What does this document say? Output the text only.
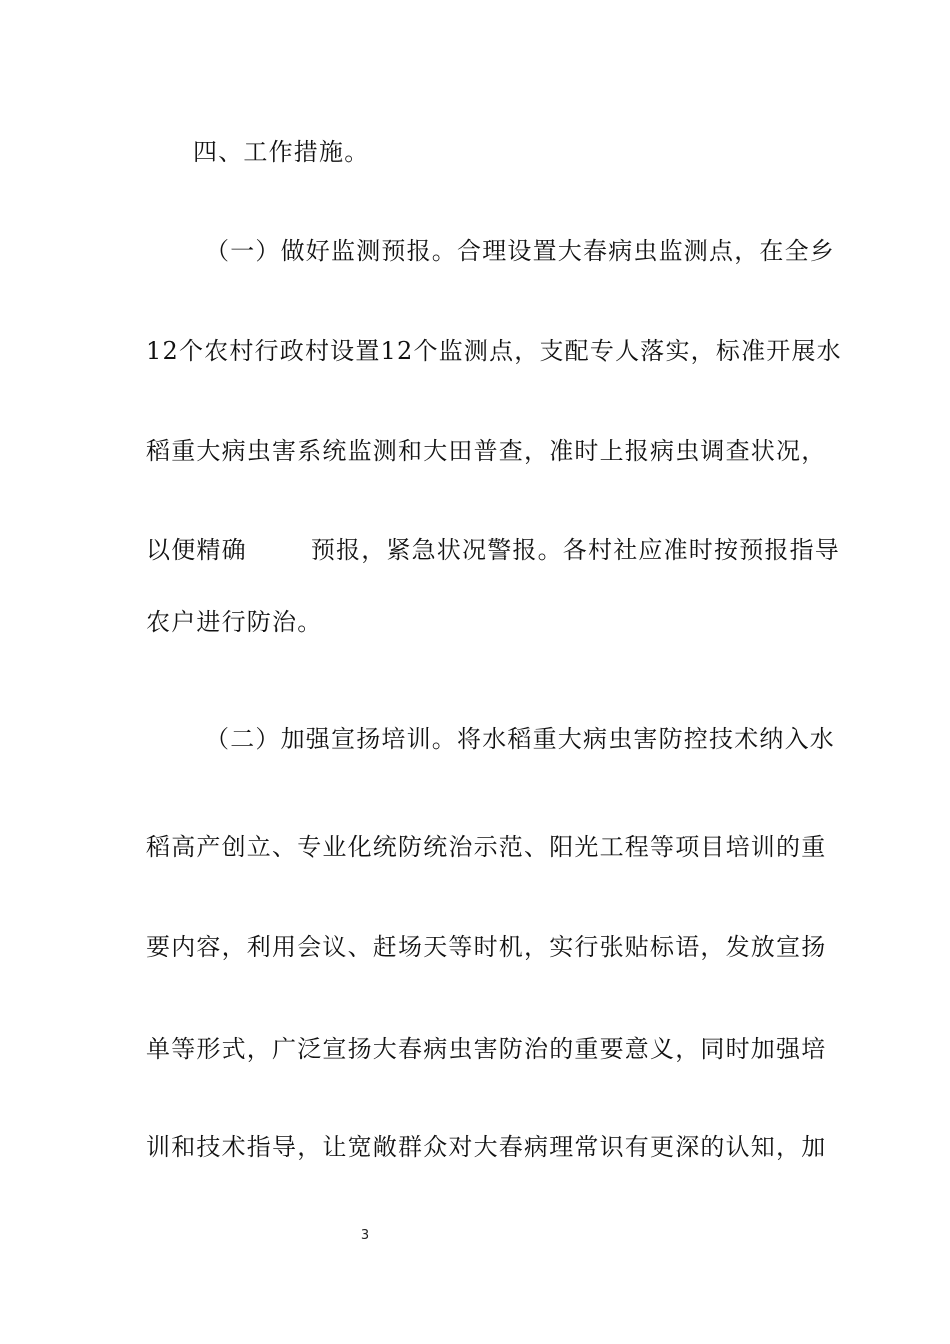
四、工作措施。
（一）做好监测预报。合理设置大春病虫监测点，在全乡
12个农村行政村设置12个监测点，支配专人落实，标准开展水
稻重大病虫害系统监测和大田普查，准时上报病虫调查状况，
以便精确	预报，紧急状况警报。各村社应准时按预报指导
农户进行防治。
（二）加强宣扬培训。将水稻重大病虫害防控技术纳入水
稻高产创立、专业化统防统治示范、阳光工程等项目培训的重
要内容，利用会议、赶场天等时机，实行张贴标语，发放宣扬
单等形式，广泛宣扬大春病虫害防治的重要意义，同时加强培
训和技术指导，让宽敞群众对大春病理常识有更深的认知，加
3
